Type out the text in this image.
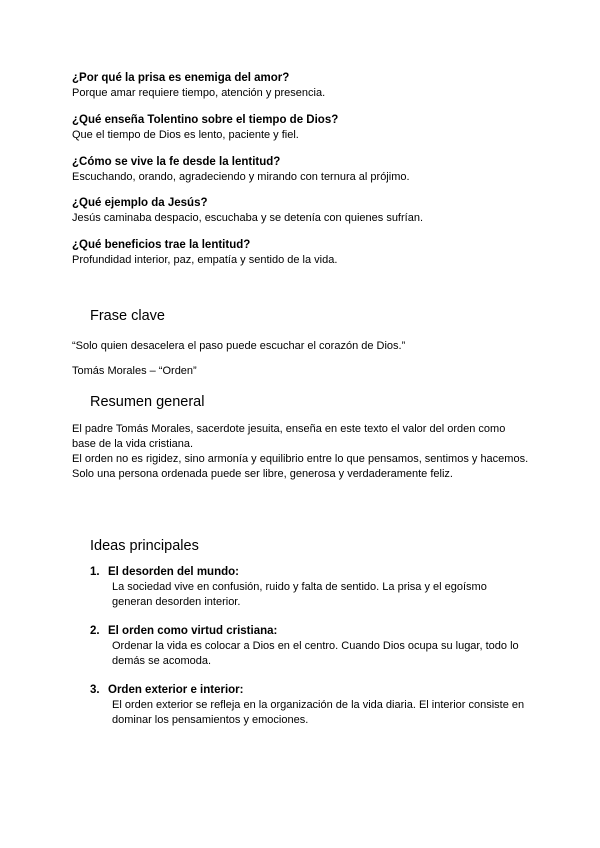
¿Por qué la prisa es enemiga del amor?

Porque amar requiere tiempo, atención y presencia.

¿Qué enseña Tolentino sobre el tiempo de Dios?

Que el tiempo de Dios es lento, paciente y fiel.

¿Cómo se vive la fe desde la lentitud?

Escuchando, orando, agradeciendo y mirando con ternura al prójimo.

¿Qué ejemplo da Jesús?

Jesús caminaba despacio, escuchaba y se detenía con quienes sufrían.

¿Qué beneficios trae la lentitud?

Profundidad interior, paz, empatía y sentido de la vida.

Frase clave

“Solo quien desacelera el paso puede escuchar el corazón de Dios.”

Tomás Morales – “Orden”

Resumen general
El padre Tomás Morales, sacerdote jesuita, enseña en este texto el valor del orden como base de la vida cristiana.
El orden no es rigidez, sino armonía y equilibrio entre lo que pensamos, sentimos y hacemos.
Solo una persona ordenada puede ser libre, generosa y verdaderamente feliz.
Ideas principales
1. El desorden del mundo:

La sociedad vive en confusión, ruido y falta de sentido. La prisa y el egoísmo generan desorden interior.

2. El orden como virtud cristiana:

Ordenar la vida es colocar a Dios en el centro. Cuando Dios ocupa su lugar, todo lo demás se acomoda.

3. Orden exterior e interior:

El orden exterior se refleja en la organización de la vida diaria. El interior consiste en dominar los pensamientos y emociones.
